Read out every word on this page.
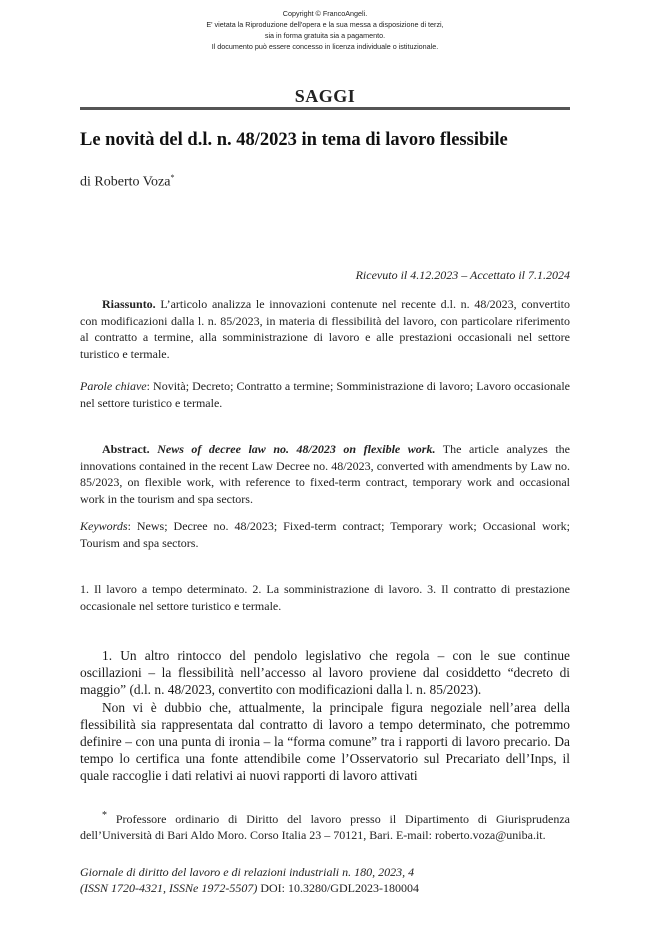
Copyright © FrancoAngeli.
E' vietata la Riproduzione dell'opera e la sua messa a disposizione di terzi,
sia in forma gratuita sia a pagamento.
Il documento può essere concesso in licenza individuale o istituzionale.
SAGGI
Le novità del d.l. n. 48/2023 in tema di lavoro flessibile
di Roberto Voza*
Ricevuto il 4.12.2023 – Accettato il 7.1.2024
Riassunto. L’articolo analizza le innovazioni contenute nel recente d.l. n. 48/2023, convertito con modificazioni dalla l. n. 85/2023, in materia di flessibilità del lavoro, con particolare riferimento al contratto a termine, alla somministrazione di lavoro e alle prestazioni occasionali nel settore turistico e termale.
Parole chiave: Novità; Decreto; Contratto a termine; Somministrazione di lavoro; Lavoro occasionale nel settore turistico e termale.
Abstract. News of decree law no. 48/2023 on flexible work. The article analyzes the innovations contained in the recent Law Decree no. 48/2023, converted with amendments by Law no. 85/2023, on flexible work, with reference to fixed-term contract, temporary work and occasional work in the tourism and spa sectors.
Keywords: News; Decree no. 48/2023; Fixed-term contract; Temporary work; Occasional work; Tourism and spa sectors.
1. Il lavoro a tempo determinato. 2. La somministrazione di lavoro. 3. Il contratto di prestazione occasionale nel settore turistico e termale.

1. Un altro rintocco del pendolo legislativo che regola – con le sue continue oscillazioni – la flessibilità nell’accesso al lavoro proviene dal cosiddetto “decreto di maggio” (d.l. n. 48/2023, convertito con modificazioni dalla l. n. 85/2023).

Non vi è dubbio che, attualmente, la principale figura negoziale nell’area della flessibilità sia rappresentata dal contratto di lavoro a tempo determinato, che potremmo definire – con una punta di ironia – la “forma comune” tra i rapporti di lavoro precario. Da tempo lo certifica una fonte attendibile come l’Osservatorio sul Precariato dell’Inps, il quale raccoglie i dati relativi ai nuovi rapporti di lavoro attivati

* Professore ordinario di Diritto del lavoro presso il Dipartimento di Giurisprudenza dell’Università di Bari Aldo Moro. Corso Italia 23 – 70121, Bari. E-mail: roberto.voza@uniba.it.
Giornale di diritto del lavoro e di relazioni industriali n. 180, 2023, 4
(ISSN 1720-4321, ISSNe 1972-5507) DOI: 10.3280/GDL2023-180004
